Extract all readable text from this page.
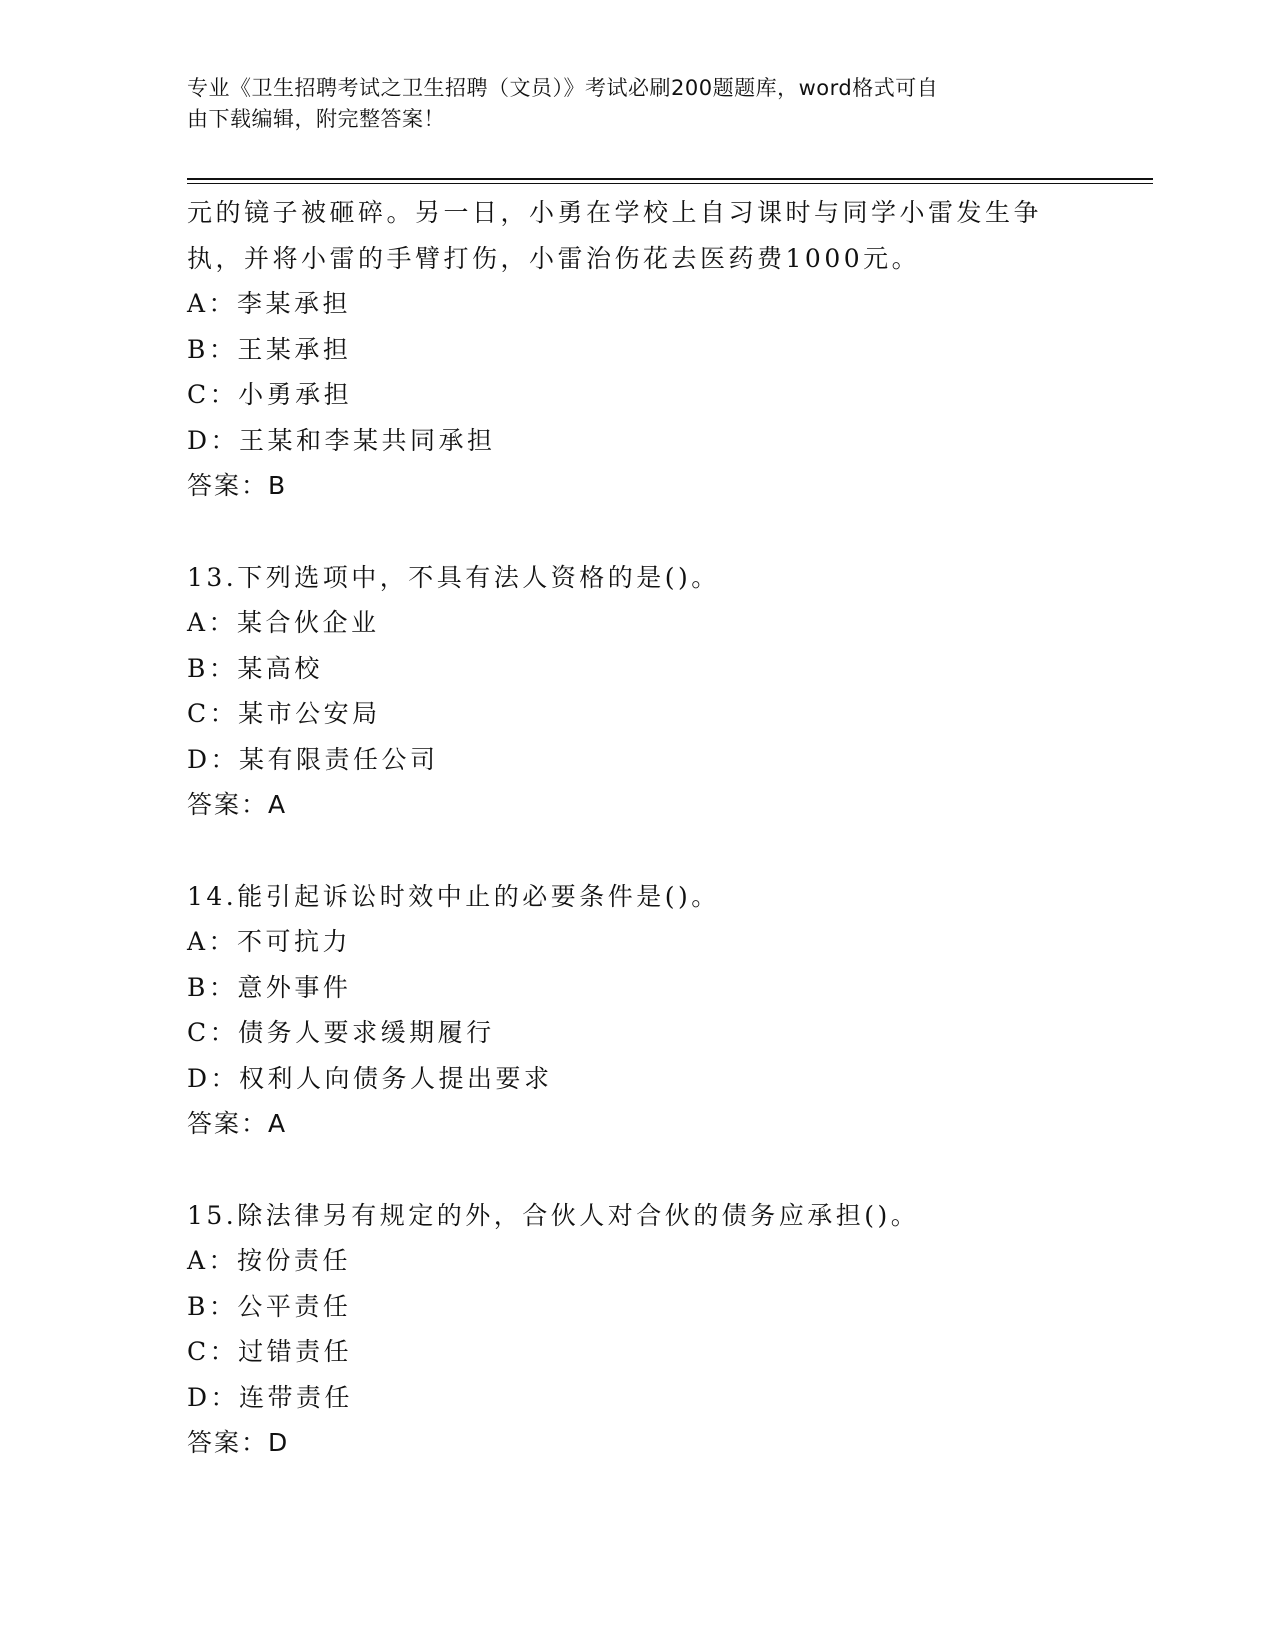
专业《卫生招聘考试之卫生招聘（文员）》考试必刷200题题库，word格式可自
由下载编辑，附完整答案！
元的镜子被砸碎。另一日，小勇在学校上自习课时与同学小雷发生争
执，并将小雷的手臂打伤，小雷治伤花去医药费1000元。
A：李某承担
B：王某承担
C：小勇承担
D：王某和李某共同承担
答案：B
13.下列选项中，不具有法人资格的是()。
A：某合伙企业
B：某高校
C：某市公安局
D：某有限责任公司
答案：A
14.能引起诉讼时效中止的必要条件是()。
A：不可抗力
B：意外事件
C：债务人要求缓期履行
D：权利人向债务人提出要求
答案：A
15.除法律另有规定的外，合伙人对合伙的债务应承担()。
A：按份责任
B：公平责任
C：过错责任
D：连带责任
答案：D
